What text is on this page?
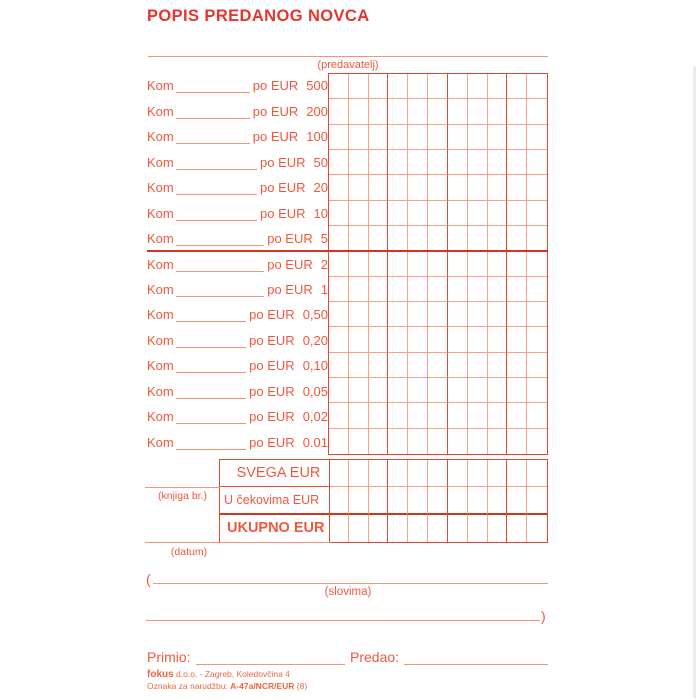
POPIS PREDANOG NOVCA
(predavatelj)
Kom	po EUR 500
Kom	po EUR 200
Kom	po EUR 100
Kom	po EUR 50
Kom	po EUR 20
Kom	po EUR 10
Kom	po EUR 5
Kom	po EUR 2
Kom	po EUR 1
Kom	po EUR 0,50
Kom	po EUR 0,20
Kom	po EUR 0,10
Kom	po EUR 0,05
Kom	po EUR 0,02
Kom	po EUR 0.01
SVEGA EUR
U čekovima EUR
UKUPNO EUR
(knjiga br.)
(datum)
(
(slovima)
)
Primio:	Predao:
fokus d.o.o. - Zagreb, Koledovčina 4
Oznaka za narudžbu: A-47a/NCR/EUR (8)
